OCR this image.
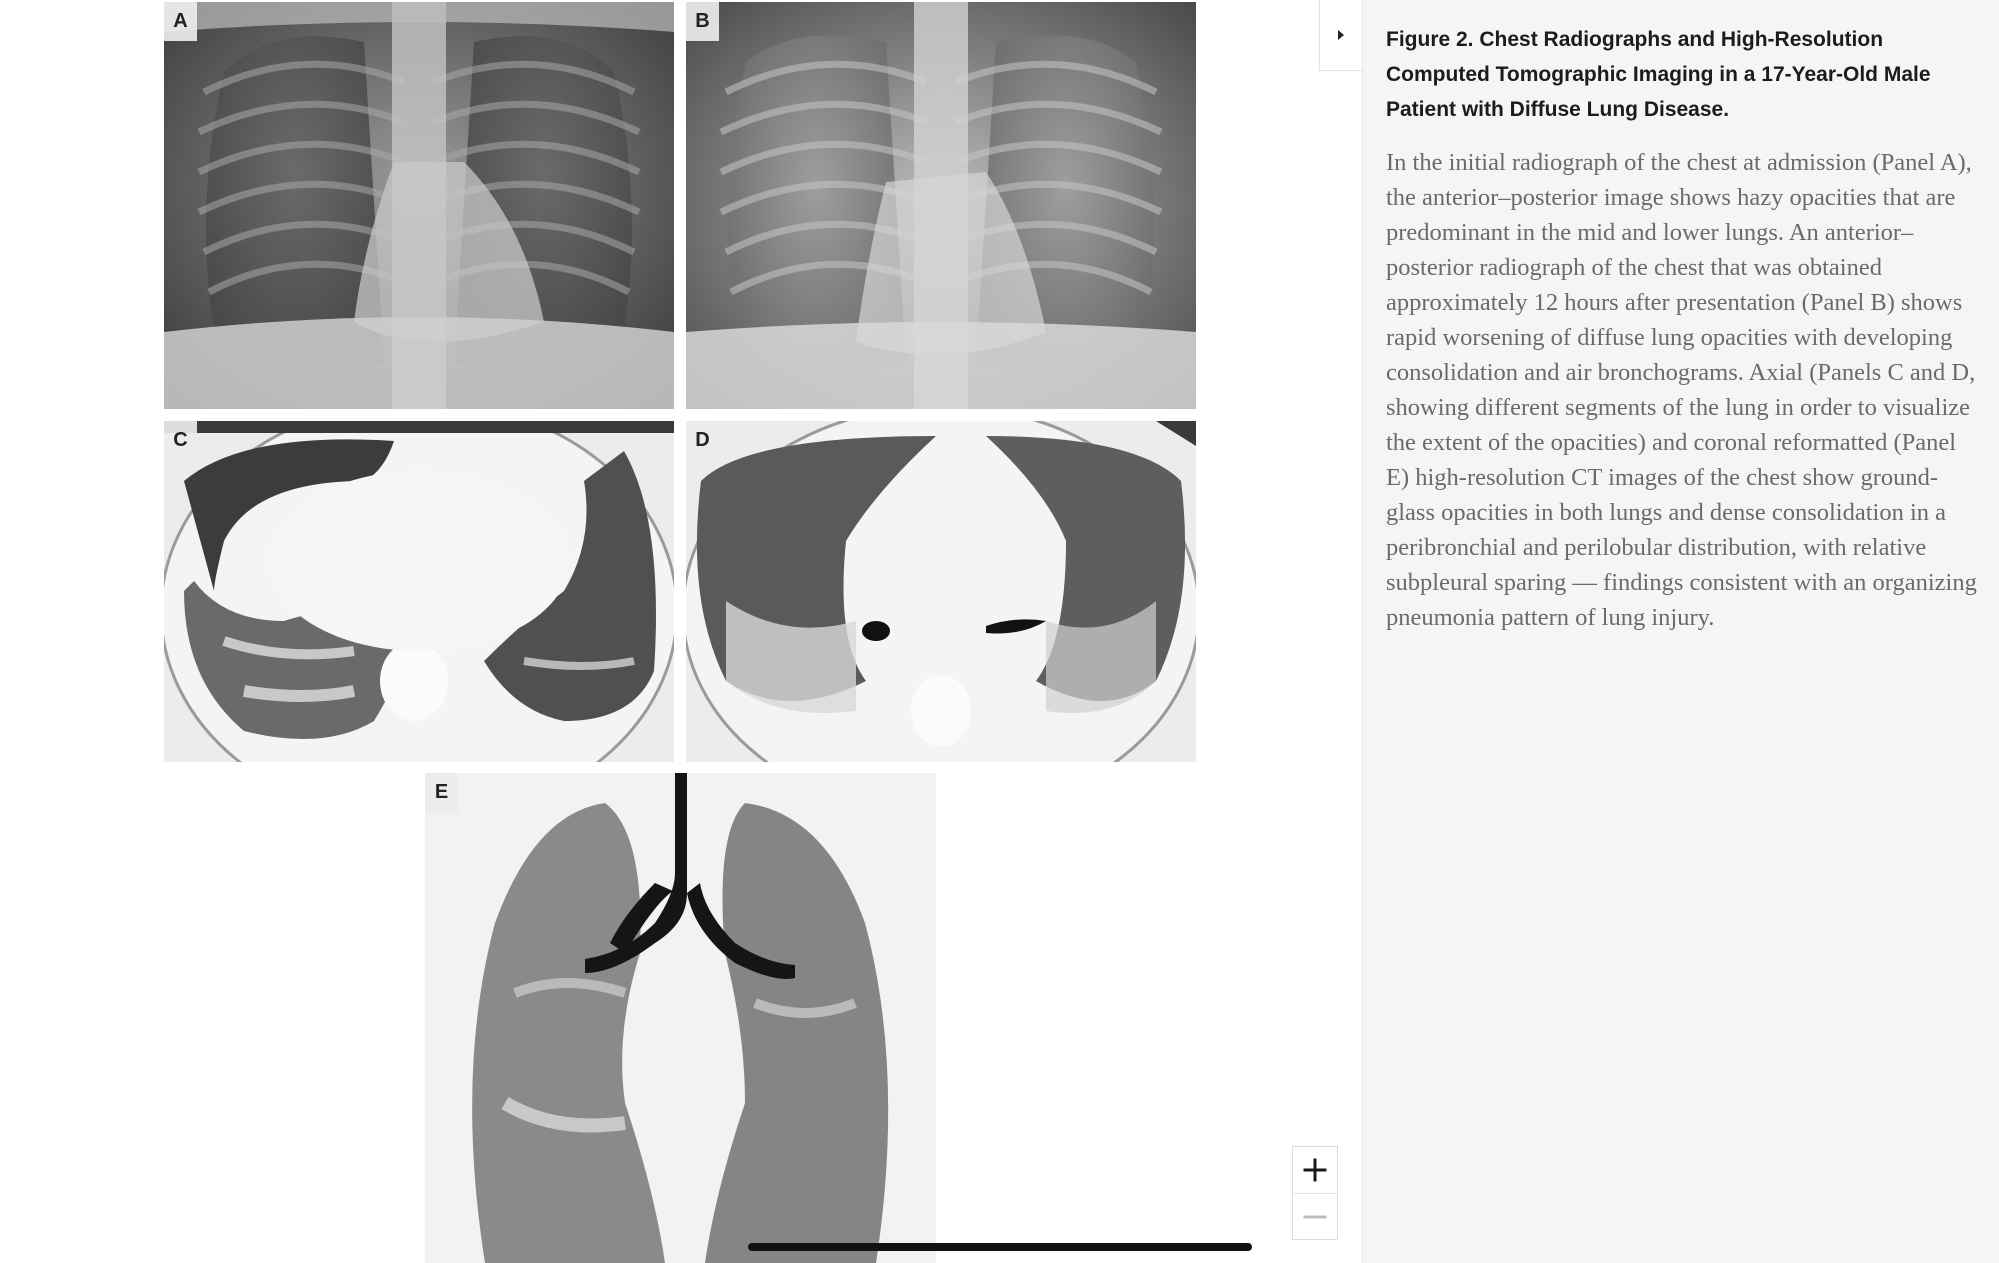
A	B
C	D
E
Figure 2. Chest Radiographs and High-Resolution Computed Tomographic Imaging in a 17-Year-Old Male Patient with Diffuse Lung Disease.

In the initial radiograph of the chest at admission (Panel A), the anterior–posterior image shows hazy opacities that are predominant in the mid and lower lungs. An anterior–posterior radiograph of the chest that was obtained approximately 12 hours after presentation (Panel B) shows rapid worsening of diffuse lung opacities with developing consolidation and air bronchograms. Axial (Panels C and D, showing different segments of the lung in order to visualize the extent of the opacities) and coronal reformatted (Panel E) high-resolution CT images of the chest show ground-glass opacities in both lungs and dense consolidation in a peribronchial and perilobular distribution, with relative subpleural sparing — findings consistent with an organizing pneumonia pattern of lung injury.
